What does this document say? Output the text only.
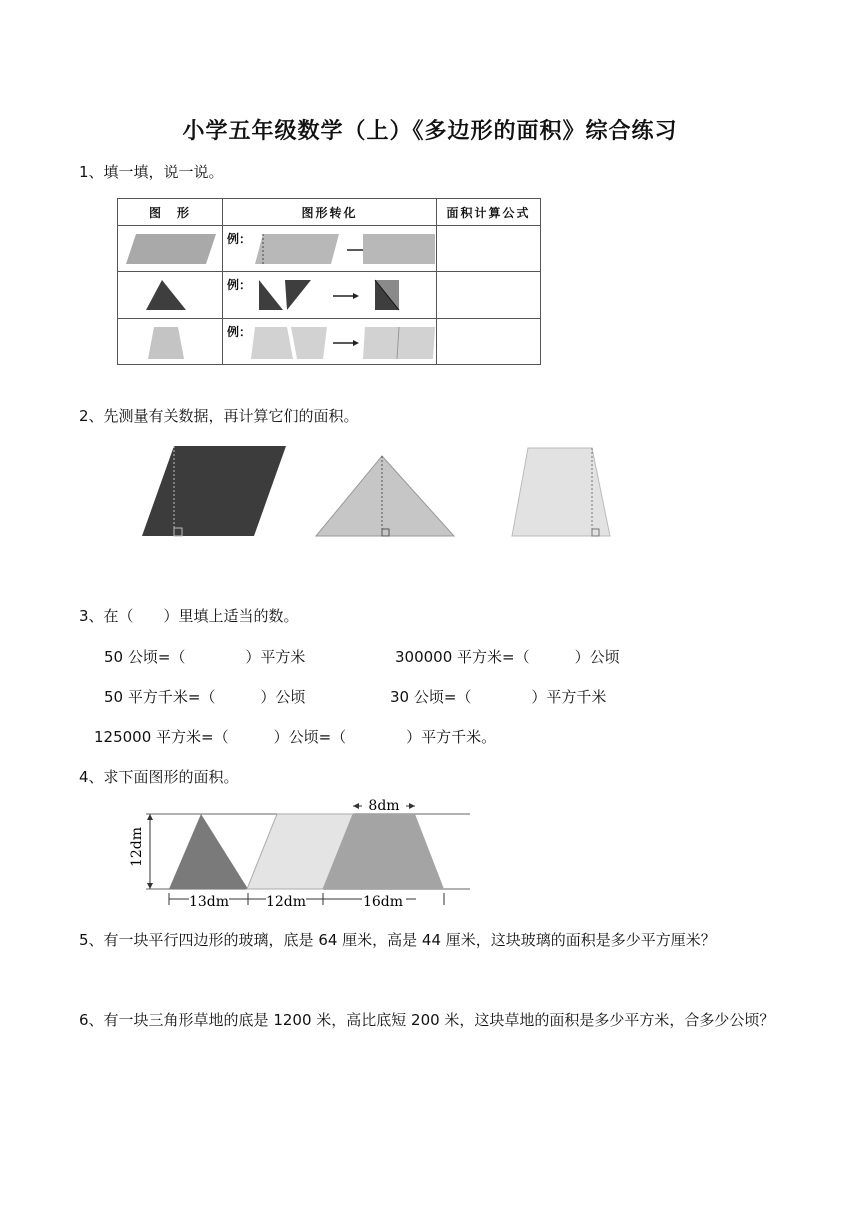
小学五年级数学（上）《多边形的面积》综合练习
1、填一填，说一说。
图　形	图形转化	面积计算公式

例：	

例：	

例：	

2、先测量有关数据，再计算它们的面积。
3、在（　　）里填上适当的数。
50 公顷=（　　　　）平方米	300000 平方米=（　　　）公顷
50 平方千米=（　　　）公顷	30 公顷=（　　　　）平方千米
125000 平方米=（　　　）公顷=（　　　　）平方千米。
4、求下面图形的面积。
8dm
13dm	12dm	16dm
12dm
5、有一块平行四边形的玻璃，底是 64 厘米，高是 44 厘米，这块玻璃的面积是多少平方厘米？
6、有一块三角形草地的底是 1200 米，高比底短 200 米，这块草地的面积是多少平方米，合多少公顷？
